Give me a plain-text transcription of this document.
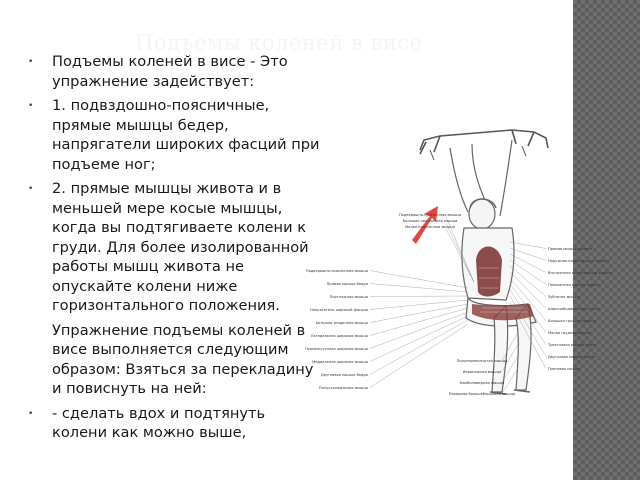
Подъемы коленей в висе
• Подъемы коленей в висе - Это упражнение задействует:
• 1. подвздошно-поясничные, прямые мышцы бедер, напрягатели широких фасций при подъеме ног;
• 2. прямые мышцы живота и в меньшей мере косые мышцы, когда вы подтягиваете колени к груди. Для более изолированной работы мышц живота не опускайте колени ниже горизонтального положения.
Упражнение подъемы коленей в висе выполняется следующим образом: Взяться за перекладину и повиснуть на ней:
• - сделать вдох и подтянуть колени как можно выше,
Подвздошно-поясничная мышца
Прямая мышца бедра
Портняжная мышца
Напрягатель широкой фасции
Большая ягодичная мышца
Латеральная широкая мышца
Промежуточная широкая мышца
Медиальная широкая мышца
Двуглавая мышца бедра
Полусухожильная мышца
Прямая мышца живота
Наружная косая мышца живота
Внутренняя косая мышца живота
Поперечная мышца живота
Зубчатая мышца
Широчайшая мышца спины
Большая грудная мышца
Малая грудная мышца
Трехглавая мышца плеча
Двуглавая мышца плеча
Плечевая мышца
Подвздошно-поясничная мышца
Большая поясничная мышца
Малая поясничная мышца
Полуперепончатая мышца
Икроножная мышца
Камбаловидная мышца
Передняя большеберцовая мышца
